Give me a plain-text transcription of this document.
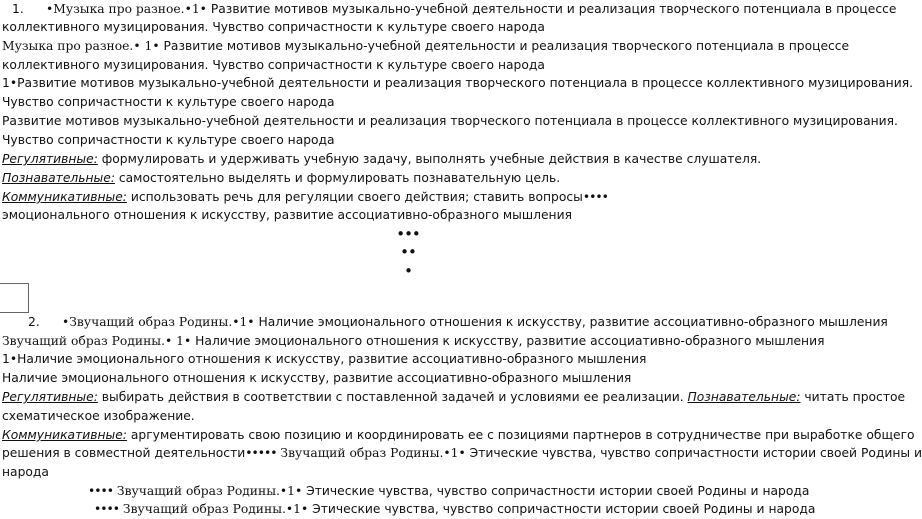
1. •Музыка про разное.•1• Развитие мотивов музыкально-учебной деятельности и реализация творческого потенциала в процессе
коллективного музицирования. Чувство сопричастности к культуре своего народа
Музыка про разное.• 1• Развитие мотивов музыкально-учебной деятельности и реализация творческого потенциала в процессе
коллективного музицирования. Чувство сопричастности к культуре своего народа
1•Развитие мотивов музыкально-учебной деятельности и реализация творческого потенциала в процессе коллективного музицирования.
Чувство сопричастности к культуре своего народа
Развитие мотивов музыкально-учебной деятельности и реализация творческого потенциала в процессе коллективного музицирования.
Чувство сопричастности к культуре своего народа
Регулятивные: формулировать и удерживать учебную задачу, выполнять учебные действия в качестве слушателя.
Познавательные: самостоятельно выделять и формулировать познавательную цель.
Коммуникативные: использовать речь для регуляции своего действия; ставить вопросы••••
эмоционального отношения к искусству, развитие ассоциативно-образного мышления
•••
••
•
2. •Звучащий образ Родины.•1• Наличие эмоционального отношения к искусству, развитие ассоциативно-образного мышления
Звучащий образ Родины.• 1• Наличие эмоционального отношения к искусству, развитие ассоциативно-образного мышления
1•Наличие эмоционального отношения к искусству, развитие ассоциативно-образного мышления
Наличие эмоционального отношения к искусству, развитие ассоциативно-образного мышления
Регулятивные: выбирать действия в соответствии с поставленной задачей и условиями ее реализации. Познавательные: читать простое
схематическое изображение.
Коммуникативные: аргументировать свою позицию и координировать ее с позициями партнеров в сотрудничестве при выработке общего
решения в совместной деятельности••••• Звучащий образ Родины.•1• Этические чувства, чувство сопричастности истории своей Родины и
народа
•••• Звучащий образ Родины.•1• Этические чувства, чувство сопричастности истории своей Родины и народа
•••• Звучащий образ Родины.•1• Этические чувства, чувство сопричастности истории своей Родины и народа
